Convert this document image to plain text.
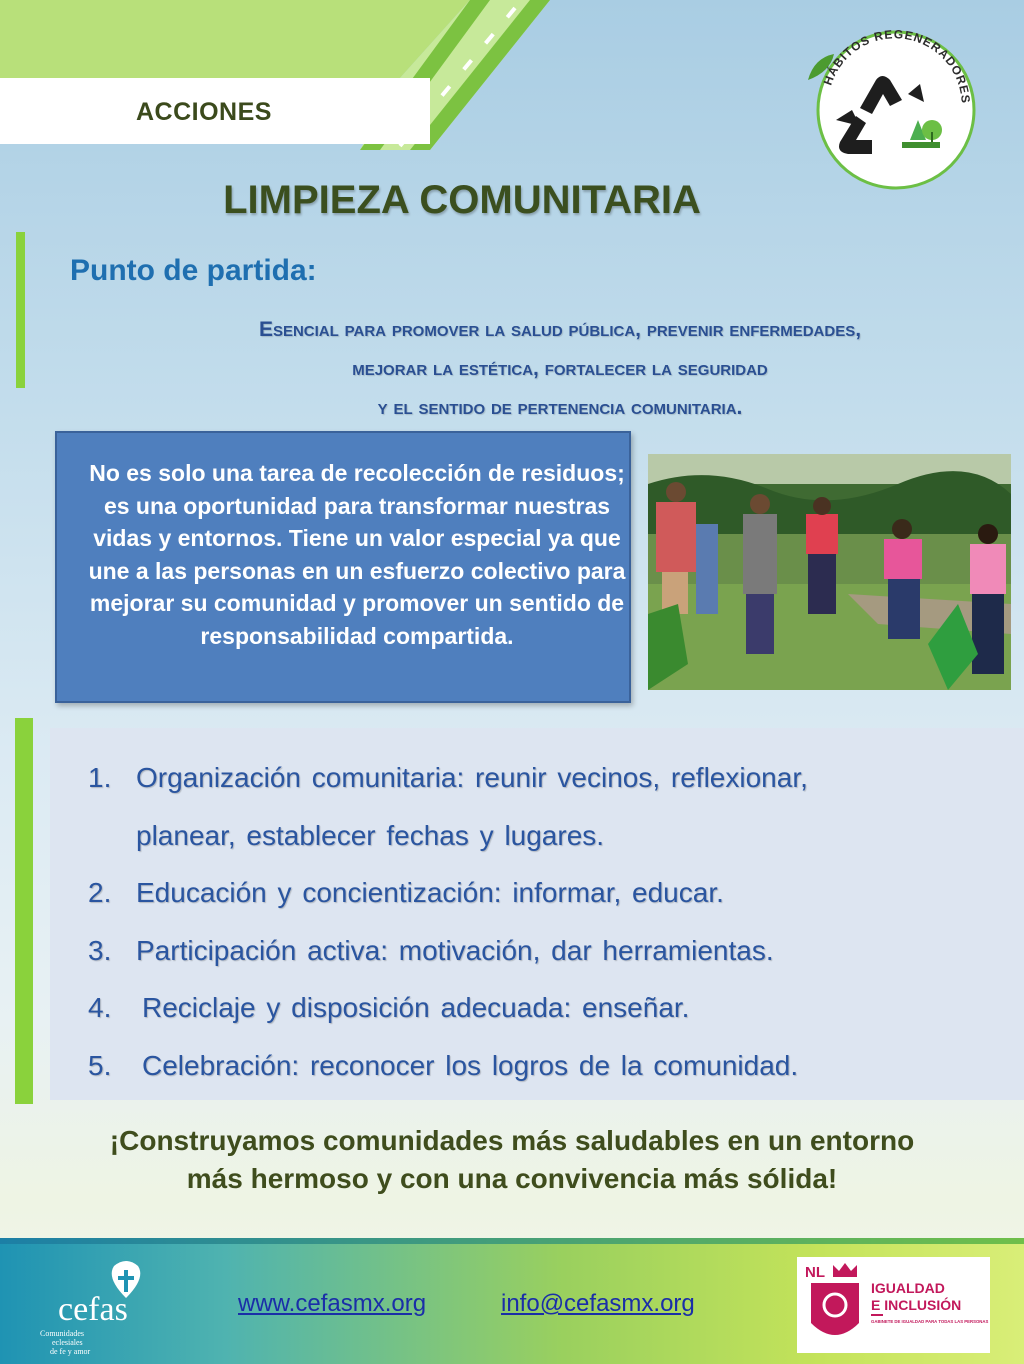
ACCIONES
HÁBITOS REGENERADORES
LIMPIEZA COMUNITARIA
Punto de partida:
Esencial para promover la salud pública, prevenir enfermedades,
mejorar la estética, fortalecer la seguridad
y el sentido de pertenencia comunitaria.

No es solo una tarea de recolección de residuos; es una oportunidad para transformar nuestras vidas y entornos. Tiene un valor especial ya que une a las personas en un esfuerzo colectivo para mejorar su comunidad y promover un sentido de responsabilidad compartida.

1. Organización comunitaria: reunir vecinos, reflexionar,
planear, establecer fechas y lugares.
2. Educación y concientización: informar, educar.
3. Participación activa: motivación, dar herramientas.
4. Reciclaje y disposición adecuada: enseñar.
5. Celebración: reconocer los logros de la comunidad.
¡Construyamos comunidades más saludables en un entorno
más hermoso y con una convivencia más sólida!
cefas
Comunidades
eclesiales
de fe y amor
www.cefasmx.org	info@cefasmx.org
NL
IGUALDAD
E INCLUSIÓN
GABINETE DE IGUALDAD PARA TODAS LAS PERSONAS
